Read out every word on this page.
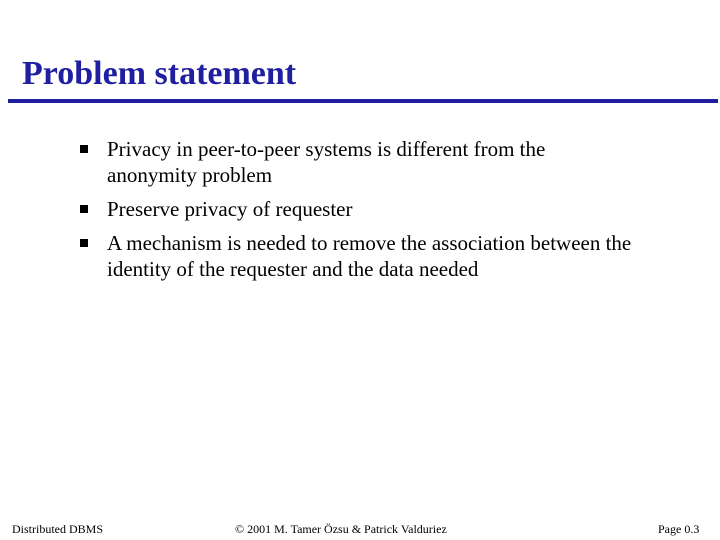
Problem statement
Privacy in peer-to-peer systems is different from the anonymity problem
Preserve privacy of requester
A mechanism is needed to remove the association between the identity of the requester and the data needed
Distributed DBMS	© 2001 M. Tamer Özsu & Patrick Valduriez	Page 0.3
